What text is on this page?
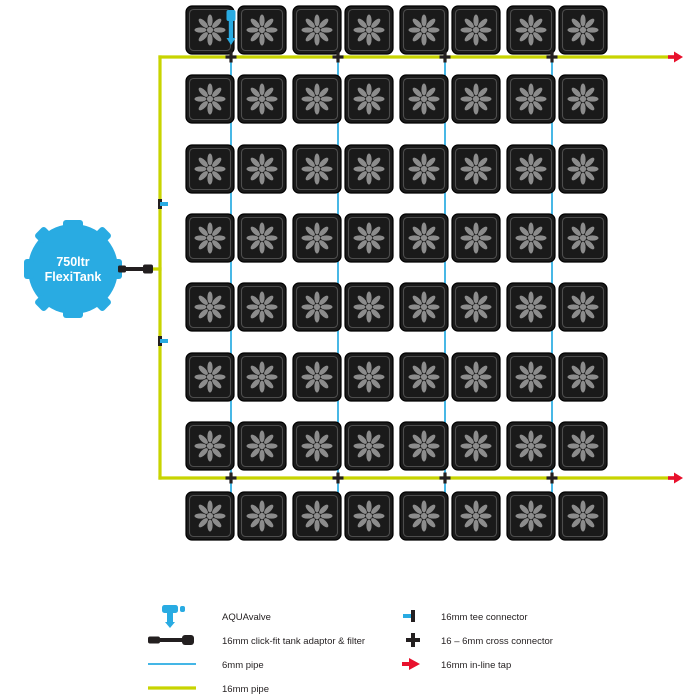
750ltr
FlexiTank
AQUAvalve
16mm click-fit tank adaptor & filter
6mm pipe
16mm pipe
16mm tee connector
16 – 6mm cross connector
16mm in-line tap
